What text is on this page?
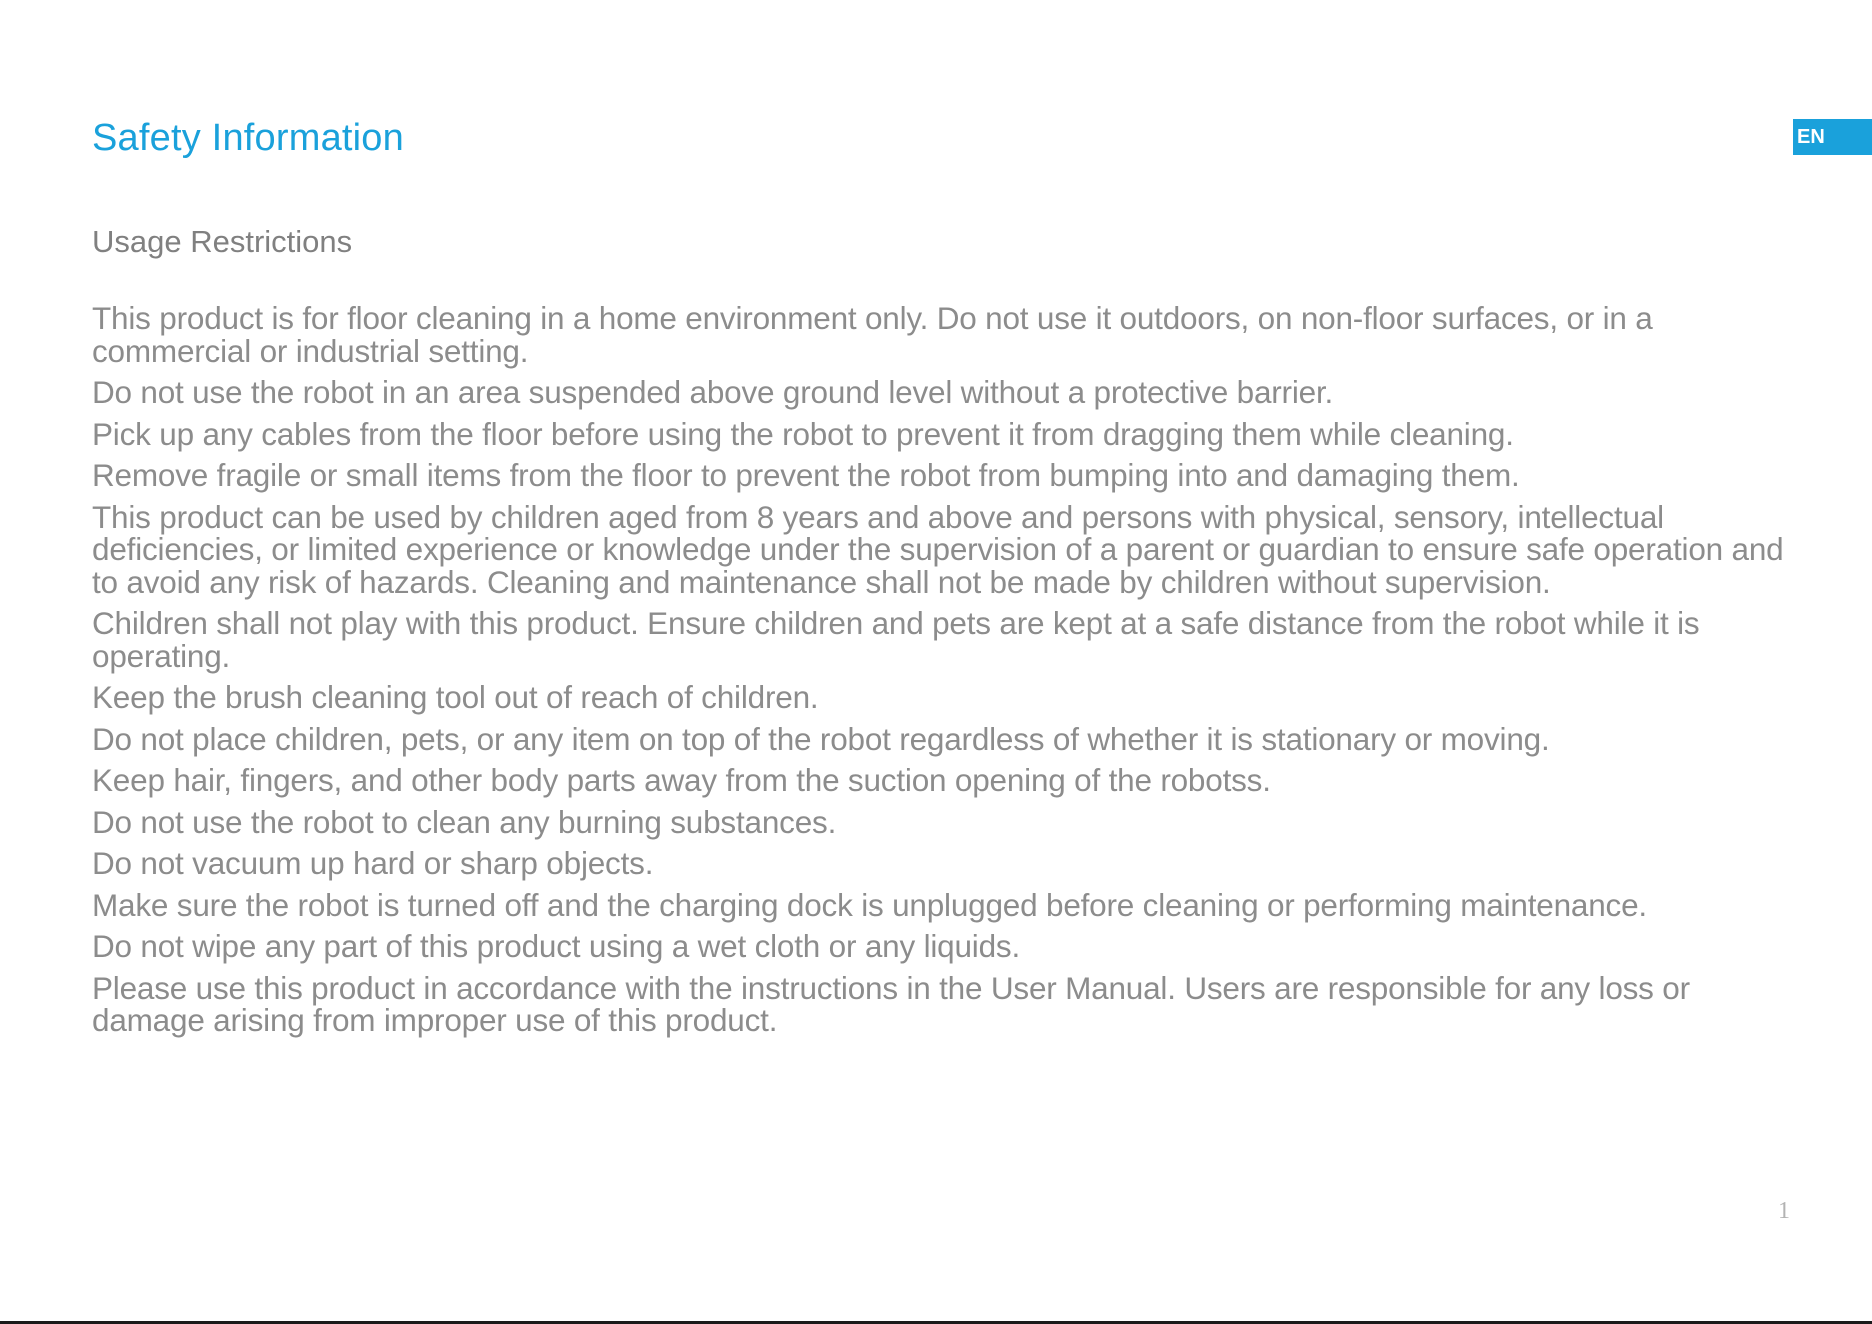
Safety Information	EN
Usage Restrictions
This product is for floor cleaning in a home environment only. Do not use it outdoors, on non-floor surfaces, or in a commercial or industrial setting.
Do not use the robot in an area suspended above ground level without a protective barrier.
Pick up any cables from the floor before using the robot to prevent it from dragging them while cleaning.
Remove fragile or small items from the floor to prevent the robot from bumping into and damaging them.
This product can be used by children aged from 8 years and above and persons with physical, sensory, intellectual deficiencies, or limited experience or knowledge under the supervision of a parent or guardian to ensure safe operation and to avoid any risk of hazards. Cleaning and maintenance shall not be made by children without supervision.
Children shall not play with this product. Ensure children and pets are kept at a safe distance from the robot while it is operating.
Keep the brush cleaning tool out of reach of children.
Do not place children, pets, or any item on top of the robot regardless of whether it is stationary or moving.
Keep hair, fingers, and other body parts away from the suction opening of the robotss.
Do not use the robot to clean any burning substances.
Do not vacuum up hard or sharp objects.
Make sure the robot is turned off and the charging dock is unplugged before cleaning or performing maintenance.
Do not wipe any part of this product using a wet cloth or any liquids.
Please use this product in accordance with the instructions in the User Manual. Users are responsible for any loss or damage arising from improper use of this product.
1
